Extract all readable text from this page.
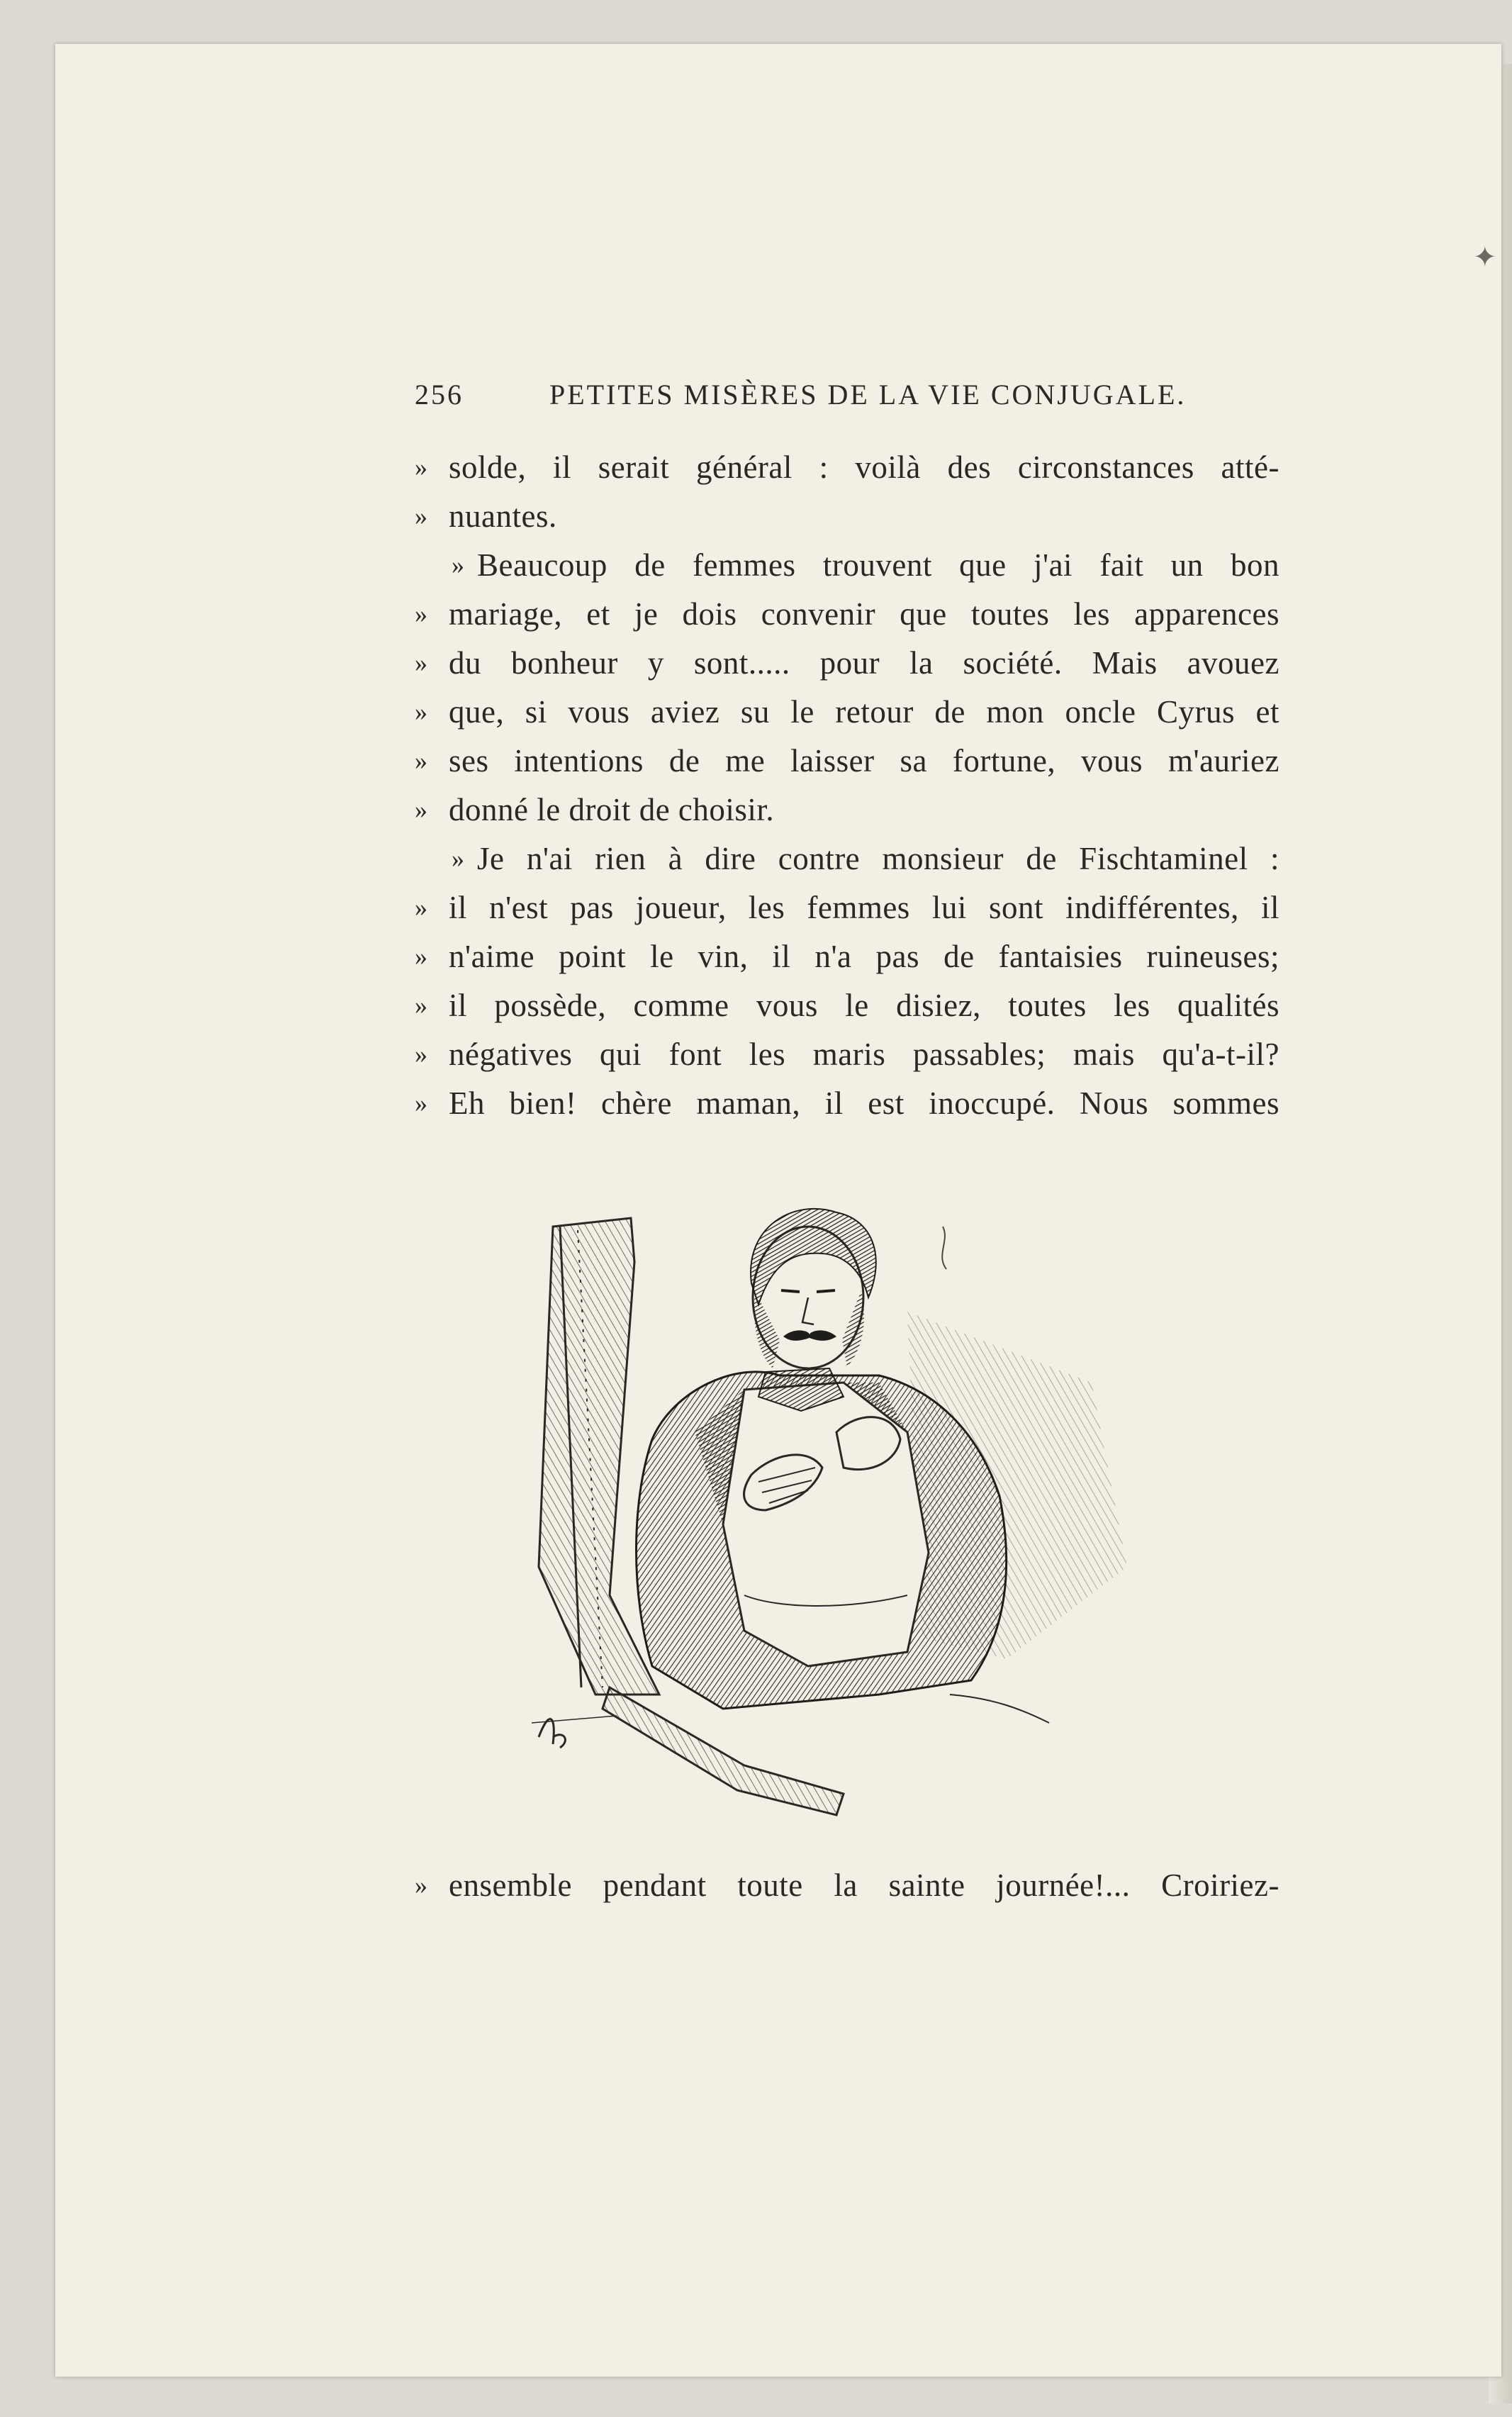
256	PETITES MISÈRES DE LA VIE CONJUGALE.
» solde, il serait général : voilà des circonstances atté-
» nuantes.
» Beaucoup de femmes trouvent que j'ai fait un bon
» mariage, et je dois convenir que toutes les apparences
» du bonheur y sont..... pour la société. Mais avouez
» que, si vous aviez su le retour de mon oncle Cyrus et
» ses intentions de me laisser sa fortune, vous m'auriez
» donné le droit de choisir.
» Je n'ai rien à dire contre monsieur de Fischtaminel :
» il n'est pas joueur, les femmes lui sont indifférentes, il
» n'aime point le vin, il n'a pas de fantaisies ruineuses;
» il possède, comme vous le disiez, toutes les qualités
» négatives qui font les maris passables; mais qu'a-t-il?
» Eh bien! chère maman, il est inoccupé. Nous sommes
» ensemble pendant toute la sainte journée!... Croiriez-
✦
